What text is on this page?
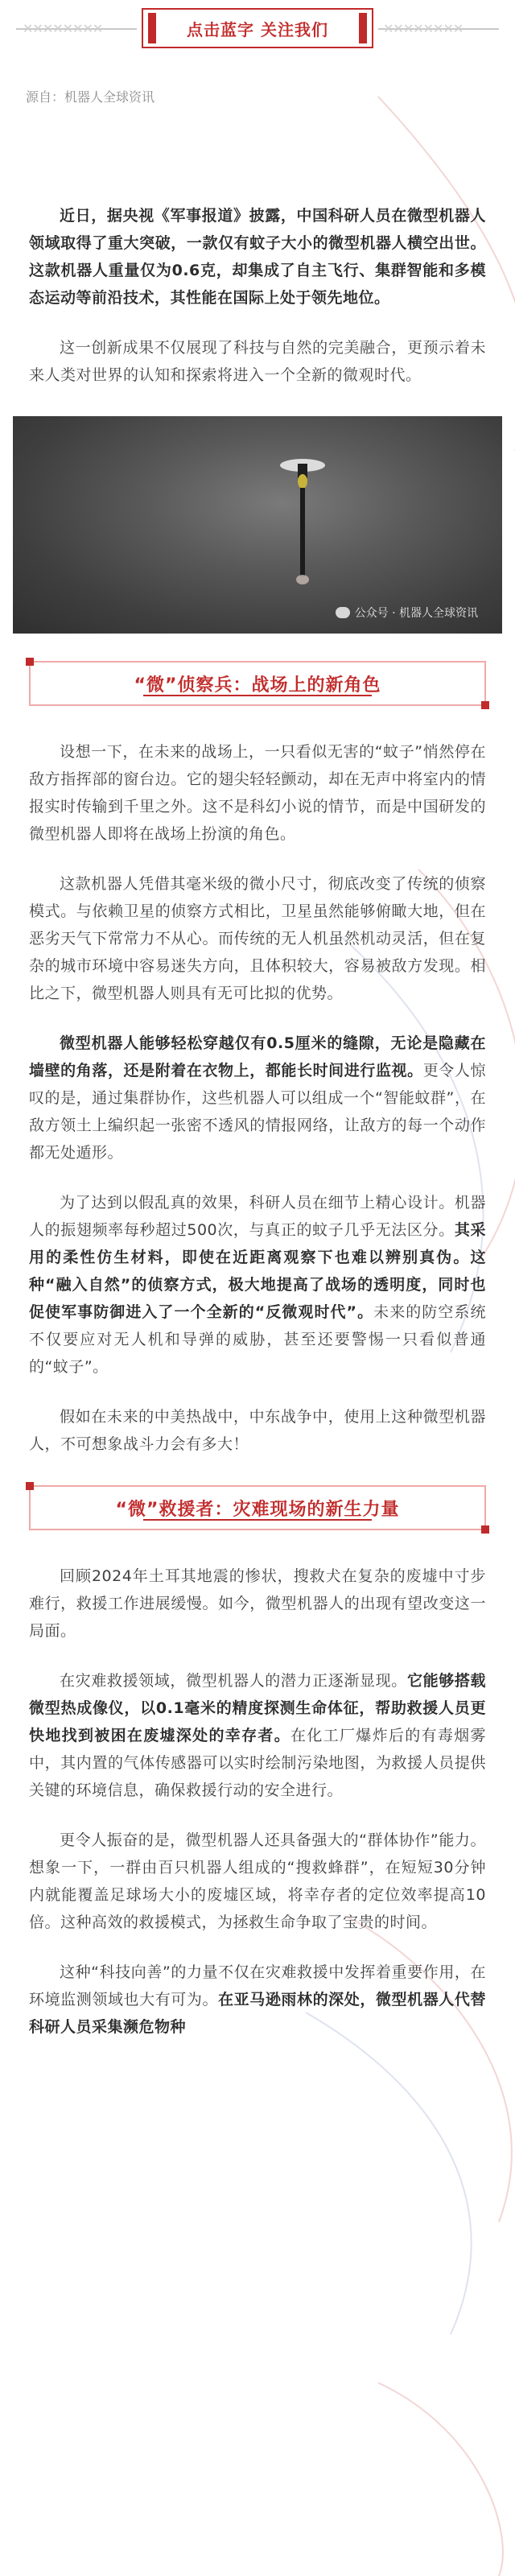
✕✕✕✕✕✕✕✕	✕✕✕✕✕✕✕✕
点击蓝字 关注我们
源自：机器人全球资讯

近日，据央视《军事报道》披露，中国科研人员在微型机器人领域取得了重大突破，一款仅有蚊子大小的微型机器人横空出世。这款机器人重量仅为0.6克，却集成了自主飞行、集群智能和多模态运动等前沿技术，其性能在国际上处于领先地位。

这一创新成果不仅展现了科技与自然的完美融合，更预示着未来人类对世界的认知和探索将进入一个全新的微观时代。

公众号 · 机器人全球资讯
“微”侦察兵：战场上的新角色

设想一下，在未来的战场上，一只看似无害的“蚊子”悄然停在敌方指挥部的窗台边。它的翅尖轻轻颤动，却在无声中将室内的情报实时传输到千里之外。这不是科幻小说的情节，而是中国研发的微型机器人即将在战场上扮演的角色。

这款机器人凭借其毫米级的微小尺寸，彻底改变了传统的侦察模式。与依赖卫星的侦察方式相比，卫星虽然能够俯瞰大地，但在恶劣天气下常常力不从心。而传统的无人机虽然机动灵活，但在复杂的城市环境中容易迷失方向，且体积较大，容易被敌方发现。相比之下，微型机器人则具有无可比拟的优势。

微型机器人能够轻松穿越仅有0.5厘米的缝隙，无论是隐藏在墙壁的角落，还是附着在衣物上，都能长时间进行监视。更令人惊叹的是，通过集群协作，这些机器人可以组成一个“智能蚊群”，在敌方领土上编织起一张密不透风的情报网络，让敌方的每一个动作都无处遁形。

为了达到以假乱真的效果，科研人员在细节上精心设计。机器人的振翅频率每秒超过500次，与真正的蚊子几乎无法区分。其采用的柔性仿生材料，即使在近距离观察下也难以辨别真伪。这种“融入自然”的侦察方式，极大地提高了战场的透明度，同时也促使军事防御进入了一个全新的“反微观时代”。未来的防空系统不仅要应对无人机和导弹的威胁，甚至还要警惕一只看似普通的“蚊子”。

假如在未来的中美热战中，中东战争中，使用上这种微型机器人，不可想象战斗力会有多大！

“微”救援者：灾难现场的新生力量

回顾2024年土耳其地震的惨状，搜救犬在复杂的废墟中寸步难行，救援工作进展缓慢。如今，微型机器人的出现有望改变这一局面。

在灾难救援领域，微型机器人的潜力正逐渐显现。它能够搭载微型热成像仪，以0.1毫米的精度探测生命体征，帮助救援人员更快地找到被困在废墟深处的幸存者。在化工厂爆炸后的有毒烟雾中，其内置的气体传感器可以实时绘制污染地图，为救援人员提供关键的环境信息，确保救援行动的安全进行。

更令人振奋的是，微型机器人还具备强大的“群体协作”能力。想象一下，一群由百只机器人组成的“搜救蜂群”，在短短30分钟内就能覆盖足球场大小的废墟区域，将幸存者的定位效率提高10倍。这种高效的救援模式，为拯救生命争取了宝贵的时间。

这种“科技向善”的力量不仅在灾难救援中发挥着重要作用，在环境监测领域也大有可为。在亚马逊雨林的深处，微型机器人代替科研人员采集濒危物种
